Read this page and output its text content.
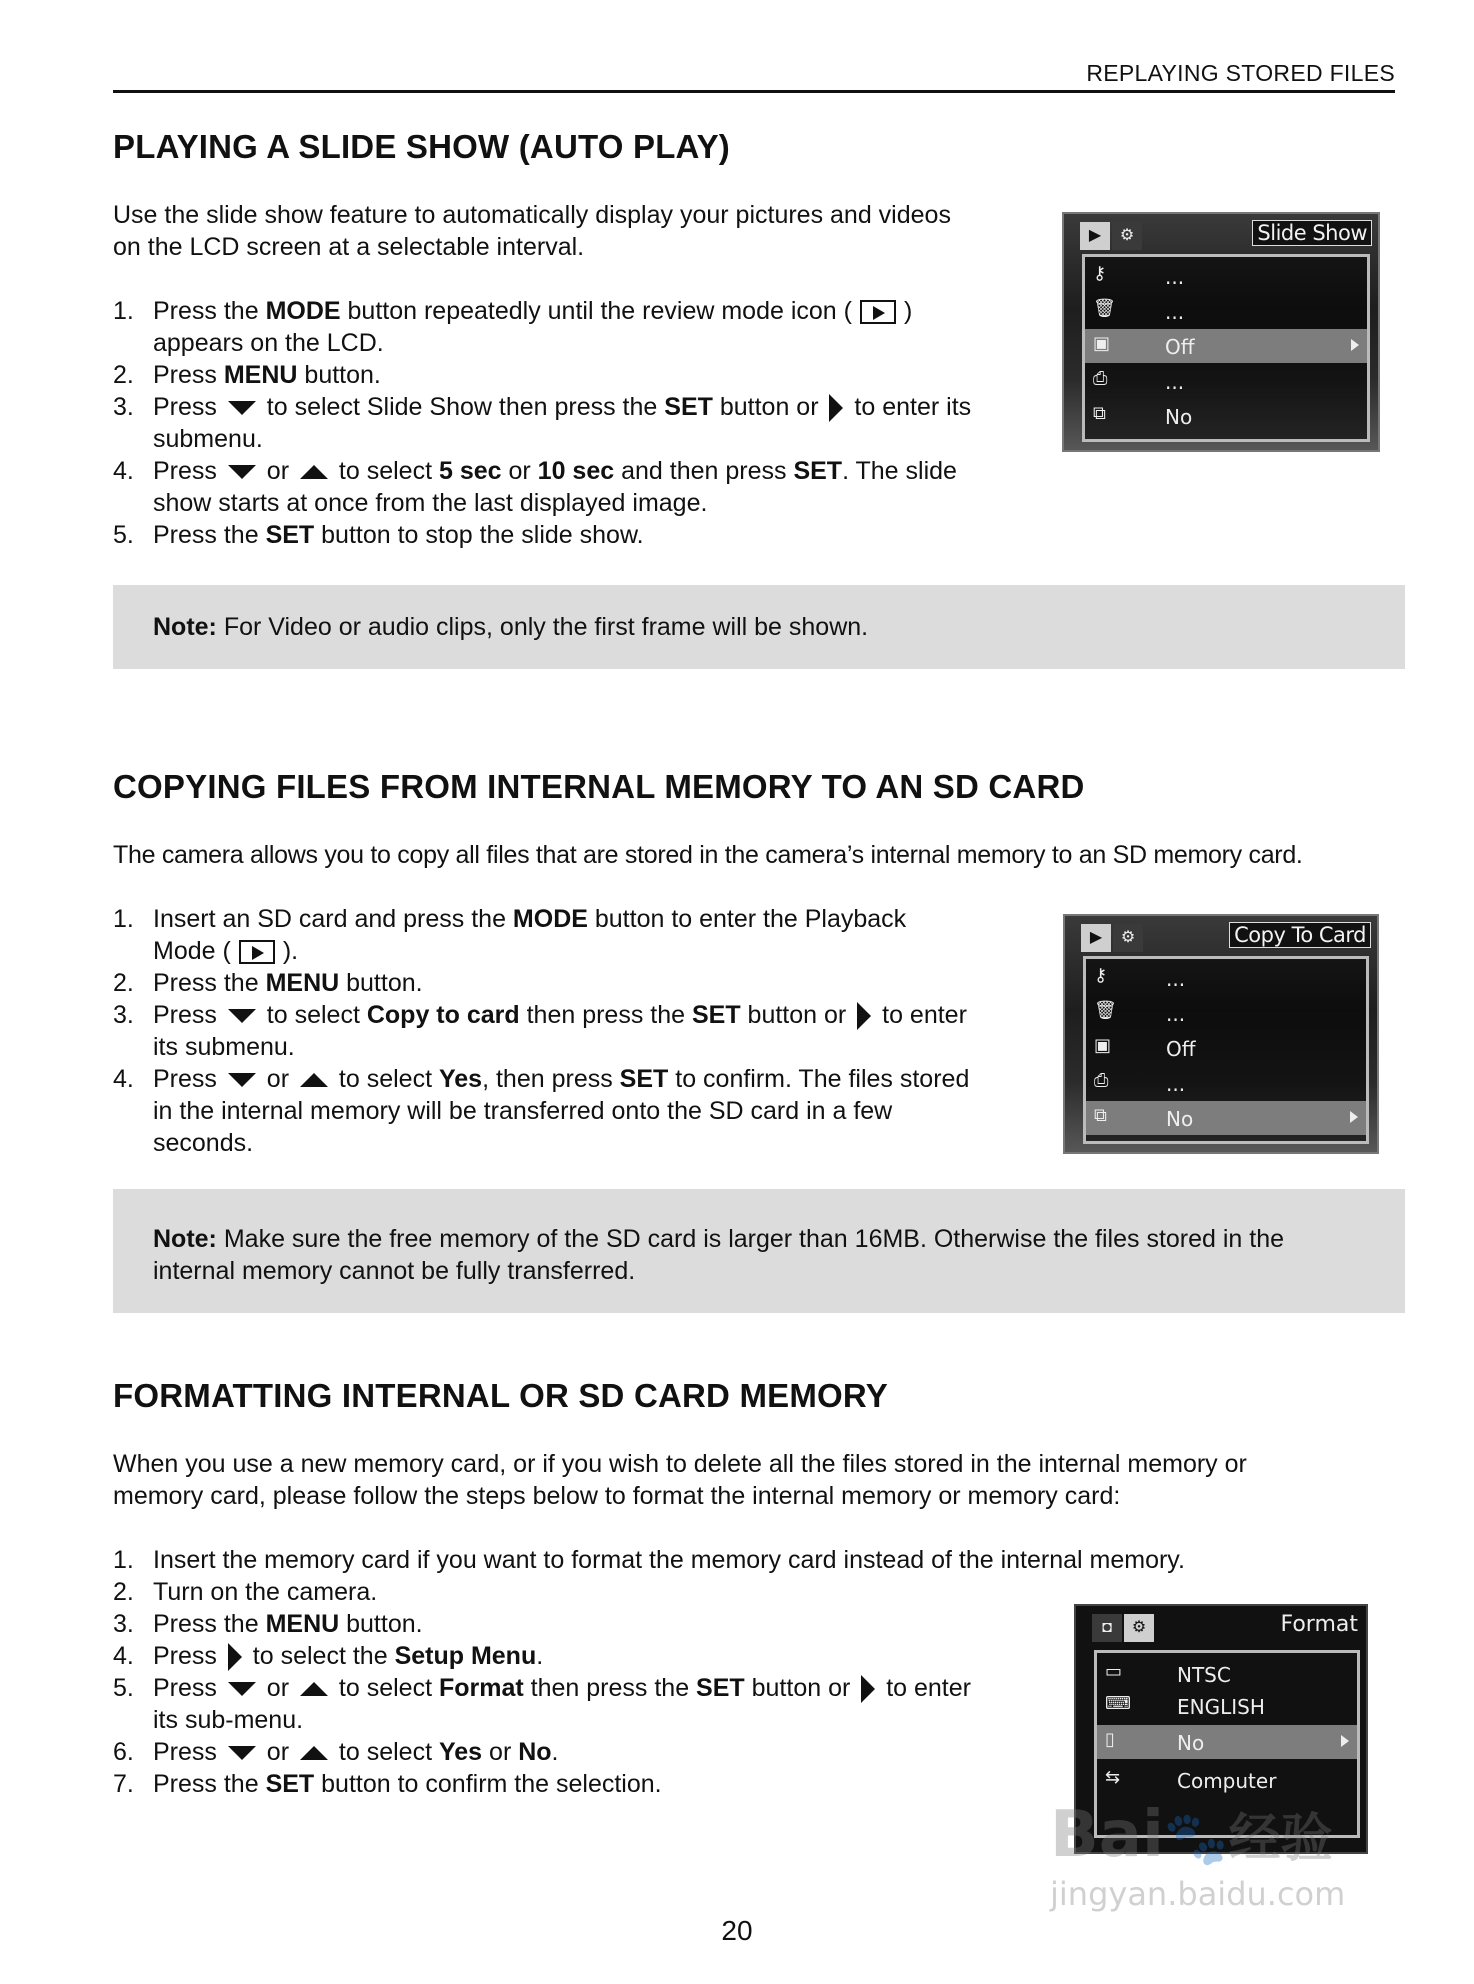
REPLAYING STORED FILES
PLAYING A SLIDE SHOW (AUTO PLAY)

Use the slide show feature to automatically display your pictures and videos
on the LCD screen at a selectable interval.

1. Press the MODE button repeatedly until the review mode icon ( )
appears on the LCD.
2. Press MENU button.
3. Press  to select Slide Show then press the SET button or  to enter its
submenu.
4. Press  or  to select 5 sec or 10 sec and then press SET. The slide
show starts at once from the last displayed image.
5. Press the SET button to stop the slide show.
▶	⚙	Slide Show
⚷	...
🗑 ...
▣	Off
⎙	...
⧉	No
Note: For Video or audio clips, only the first frame will be shown.
COPYING FILES FROM INTERNAL MEMORY TO AN SD CARD

The camera allows you to copy all files that are stored in the camera’s internal memory to an SD memory card.

1. Insert an SD card and press the MODE button to enter the Playback
Mode ( ).
2. Press the MENU button.
3. Press  to select Copy to card then press the SET button or  to enter
its submenu.
4. Press  or  to select Yes, then press SET to confirm. The files stored
in the internal memory will be transferred onto the SD card in a few
seconds.
▶	⚙	Copy To Card
⚷	...
🗑 ...
▣	Off
⎙	...
⧉	No
Note: Make sure the free memory of the SD card is larger than 16MB. Otherwise the files stored in the
internal memory cannot be fully transferred.
FORMATTING INTERNAL OR SD CARD MEMORY

When you use a new memory card, or if you wish to delete all the files stored in the internal memory or
memory card, please follow the steps below to format the internal memory or memory card:

1. Insert the memory card if you want to format the memory card instead of the internal memory.
2. Turn on the camera.
3. Press the MENU button.
4. Press  to select the Setup Menu.
5. Press  or  to select Format then press the SET button or  to enter
its sub-menu.
6. Press  or  to select Yes or No.
7. Press the SET button to confirm the selection.
◘	⚙	Format
▭	NTSC
⌨ ENGLISH
▯	No
⇆	Computer
Bai🐾经验
jingyan.baidu.com
20
